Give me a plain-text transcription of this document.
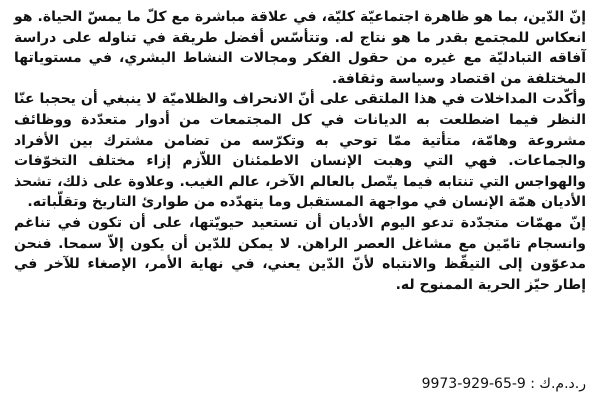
إنّ الدّين، بما هو ظاهرة اجتماعيّة كليّة، في علاقة مباشرة مع كلّ ما يمسّ الحياة. هو انعكاس للمجتمع بقدر ما هو نتاج له. وتتأسّس أفضل طريقة في تناوله على دراسة آفاقه التبادليّة مع غيره من حقول الفكر ومجالات النشاط البشري، في مستوياتها المختلفة من اقتصاد وسياسة وثقافة.

وأكّدت المداخلات في هذا الملتقى على أنّ الانحراف والظلاميّة لا ينبغي أن يحجبا عنّا النظر فيما اضطلعت به الديانات في كل المجتمعات من أدوار متعدّدة ووظائف مشروعة وهامّة، متأتية ممّا توحي به وتكرّسه من تضامن مشترك بين الأفراد والجماعات. فهي التي وهبت الإنسان الاطمئنان اللاّزم إزاء مختلف التخوّفات والهواجس التي تنتابه فيما يتّصل بالعالم الآخر، عالم الغيب. وعلاوة على ذلك، تشحذ الأديان همّة الإنسان في مواجهة المستقبل وما يتهدّده من طوارئ التاريخ وتقلّباته.

إنّ مهمّات متجدّدة تدعو اليوم الأديان أن تستعيد حيويّتها، على أن تكون في تناغم وانسجام تامّين مع مشاغل العصر الراهن. لا يمكن للدّين أن يكون إلاّ سمحا. فنحن مدعوّون إلى التيقّظ والانتباه لأنّ الدّين يعني، في نهاية الأمر، الإصغاء للآخر في إطار حيّز الحرية الممنوح له.

ر.د.م.ك : 9973-929-65-9
